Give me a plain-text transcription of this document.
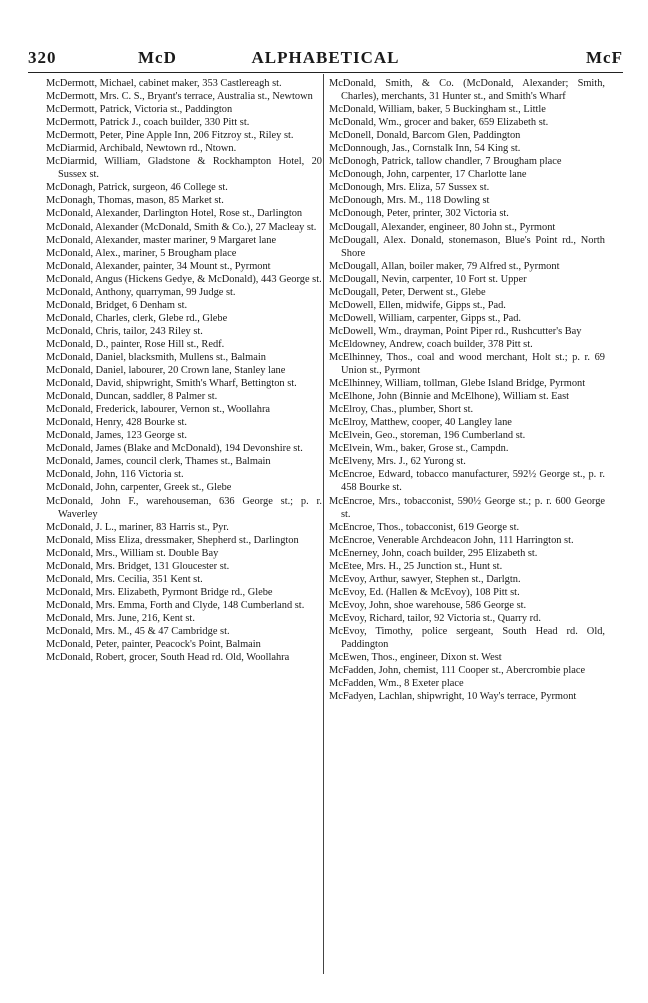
320	McD	ALPHABETICAL	McF
McDermott, Michael, cabinet maker, 353 Castlereagh st.
McDermott, Mrs. C. S., Bryant's terrace, Australia st., Newtown
McDermott, Patrick, Victoria st., Paddington
McDermott, Patrick J., coach builder, 330 Pitt st.
McDermott, Peter, Pine Apple Inn, 206 Fitzroy st., Riley st.
McDiarmid, Archibald, Newtown rd., Ntown.
McDiarmid, William, Gladstone & Rockhampton Hotel, 20 Sussex st.
McDonagh, Patrick, surgeon, 46 College st.
McDonagh, Thomas, mason, 85 Market st.
McDonald, Alexander, Darlington Hotel, Rose st., Darlington
McDonald, Alexander (McDonald, Smith & Co.), 27 Macleay st.
McDonald, Alexander, master mariner, 9 Margaret lane
McDonald, Alex., mariner, 5 Brougham place
McDonald, Alexander, painter, 34 Mount st., Pyrmont
McDonald, Angus (Hickens Gedye, & McDonald), 443 George st.
McDonald, Anthony, quarryman, 99 Judge st.
McDonald, Bridget, 6 Denham st.
McDonald, Charles, clerk, Glebe rd., Glebe
McDonald, Chris, tailor, 243 Riley st.
McDonald, D., painter, Rose Hill st., Redf.
McDonald, Daniel, blacksmith, Mullens st., Balmain
McDonald, Daniel, labourer, 20 Crown lane, Stanley lane
McDonald, David, shipwright, Smith's Wharf, Bettington st.
McDonald, Duncan, saddler, 8 Palmer st.
McDonald, Frederick, labourer, Vernon st., Woollahra
McDonald, Henry, 428 Bourke st.
McDonald, James, 123 George st.
McDonald, James (Blake and McDonald), 194 Devonshire st.
McDonald, James, council clerk, Thames st., Balmain
McDonald, John, 116 Victoria st.
McDonald, John, carpenter, Greek st., Glebe
McDonald, John F., warehouseman, 636 George st.; p. r. Waverley
McDonald, J. L., mariner, 83 Harris st., Pyr.
McDonald, Miss Eliza, dressmaker, Shepherd st., Darlington
McDonald, Mrs., William st. Double Bay
McDonald, Mrs. Bridget, 131 Gloucester st.
McDonald, Mrs. Cecilia, 351 Kent st.
McDonald, Mrs. Elizabeth, Pyrmont Bridge rd., Glebe
McDonald, Mrs. Emma, Forth and Clyde, 148 Cumberland st.
McDonald, Mrs. June, 216, Kent st.
McDonald, Mrs. M., 45 & 47 Cambridge st.
McDonald, Peter, painter, Peacock's Point, Balmain
McDonald, Robert, grocer, South Head rd. Old, Woollahra
McDonald, Smith, & Co. (McDonald, Alexander; Smith, Charles), merchants, 31 Hunter st., and Smith's Wharf
McDonald, William, baker, 5 Buckingham st., Little
McDonald, Wm., grocer and baker, 659 Elizabeth st.
McDonell, Donald, Barcom Glen, Paddington
McDonnough, Jas., Cornstalk Inn, 54 King st.
McDonogh, Patrick, tallow chandler, 7 Brougham place
McDonough, John, carpenter, 17 Charlotte lane
McDonough, Mrs. Eliza, 57 Sussex st.
McDonough, Mrs. M., 118 Dowling st
McDonough, Peter, printer, 302 Victoria st.
McDougall, Alexander, engineer, 80 John st., Pyrmont
McDougall, Alex. Donald, stonemason, Blue's Point rd., North Shore
McDougall, Allan, boiler maker, 79 Alfred st., Pyrmont
McDougall, Nevin, carpenter, 10 Fort st. Upper
McDougall, Peter, Derwent st., Glebe
McDowell, Ellen, midwife, Gipps st., Pad.
McDowell, William, carpenter, Gipps st., Pad.
McDowell, Wm., drayman, Point Piper rd., Rushcutter's Bay
McEldowney, Andrew, coach builder, 378 Pitt st.
McElhinney, Thos., coal and wood merchant, Holt st.; p. r. 69 Union st., Pyrmont
McElhinney, William, tollman, Glebe Island Bridge, Pyrmont
McElhone, John (Binnie and McElhone), William st. East
McElroy, Chas., plumber, Short st.
McElroy, Matthew, cooper, 40 Langley lane
McElvein, Geo., storeman, 196 Cumberland st.
McElvein, Wm., baker, Grose st., Campdn.
McElveny, Mrs. J., 62 Yurong st.
McEncroe, Edward, tobacco manufacturer, 592½ George st., p. r. 458 Bourke st.
McEncroe, Mrs., tobacconist, 590½ George st.; p. r. 600 George st.
McEncroe, Thos., tobacconist, 619 George st.
McEncroe, Venerable Archdeacon John, 111 Harrington st.
McEnerney, John, coach builder, 295 Elizabeth st.
McEtee, Mrs. H., 25 Junction st., Hunt st.
McEvoy, Arthur, sawyer, Stephen st., Darlgtn.
McEvoy, Ed. (Hallen & McEvoy), 108 Pitt st.
McEvoy, John, shoe warehouse, 586 George st.
McEvoy, Richard, tailor, 92 Victoria st., Quarry rd.
McEvoy, Timothy, police sergeant, South Head rd. Old, Paddington
McEwen, Thos., engineer, Dixon st. West
McFadden, John, chemist, 111 Cooper st., Abercrombie place
McFadden, Wm., 8 Exeter place
McFadyen, Lachlan, shipwright, 10 Way's terrace, Pyrmont
